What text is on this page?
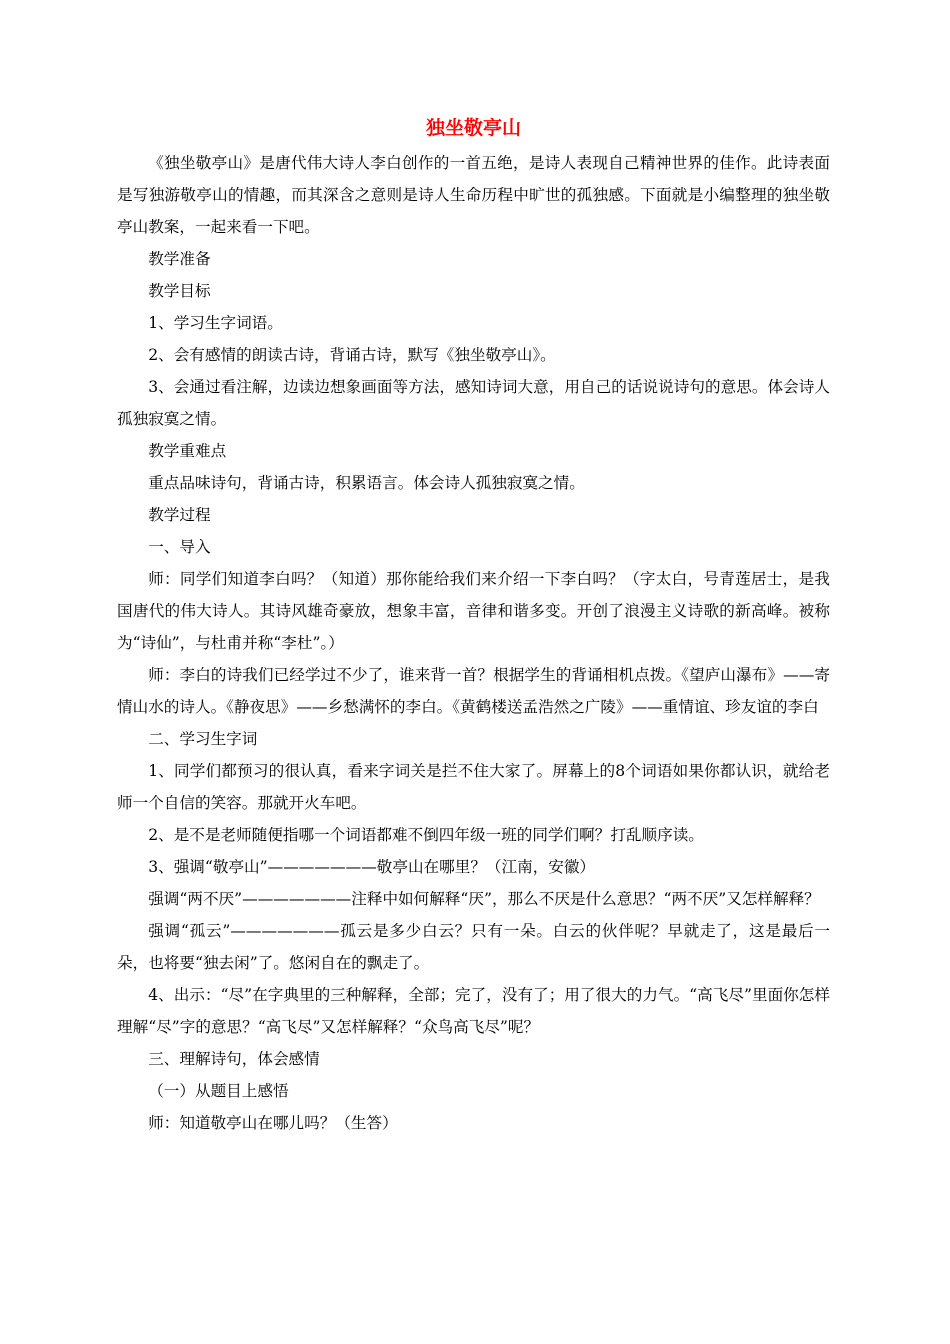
独坐敬亭山

《独坐敬亭山》是唐代伟大诗人李白创作的一首五绝，是诗人表现自己精神世界的佳作。此诗表面是写独游敬亭山的情趣，而其深含之意则是诗人生命历程中旷世的孤独感。下面就是小编整理的独坐敬亭山教案，一起来看一下吧。

教学准备

教学目标

1、学习生字词语。

2、会有感情的朗读古诗，背诵古诗，默写《独坐敬亭山》。

3、会通过看注解，边读边想象画面等方法，感知诗词大意，用自己的话说说诗句的意思。体会诗人孤独寂寞之情。

教学重难点

重点品味诗句，背诵古诗，积累语言。体会诗人孤独寂寞之情。

教学过程

一、导入

师：同学们知道李白吗？（知道）那你能给我们来介绍一下李白吗？（字太白，号青莲居士，是我国唐代的伟大诗人。其诗风雄奇豪放，想象丰富，音律和谐多变。开创了浪漫主义诗歌的新高峰。被称为“诗仙”，与杜甫并称“李杜”。）

师：李白的诗我们已经学过不少了，谁来背一首？根据学生的背诵相机点拨。《望庐山瀑布》——寄情山水的诗人。《静夜思》——乡愁满怀的李白。《黄鹤楼送孟浩然之广陵》——重情谊、珍友谊的李白

二、学习生字词

1、同学们都预习的很认真，看来字词关是拦不住大家了。屏幕上的8个词语如果你都认识，就给老师一个自信的笑容。那就开火车吧。

2、是不是老师随便指哪一个词语都难不倒四年级一班的同学们啊？打乱顺序读。

3、强调“敬亭山”———————敬亭山在哪里？（江南，安徽）

强调“两不厌”———————注释中如何解释“厌”，那么不厌是什么意思？“两不厌”又怎样解释？

强调“孤云”———————孤云是多少白云？只有一朵。白云的伙伴呢？早就走了，这是最后一朵，也将要“独去闲”了。悠闲自在的飘走了。

4、出示：“尽”在字典里的三种解释，全部；完了，没有了；用了很大的力气。“高飞尽”里面你怎样理解“尽”字的意思？“高飞尽”又怎样解释？“众鸟高飞尽”呢？

三、理解诗句，体会感情

（一）从题目上感悟

师：知道敬亭山在哪儿吗？（生答）
